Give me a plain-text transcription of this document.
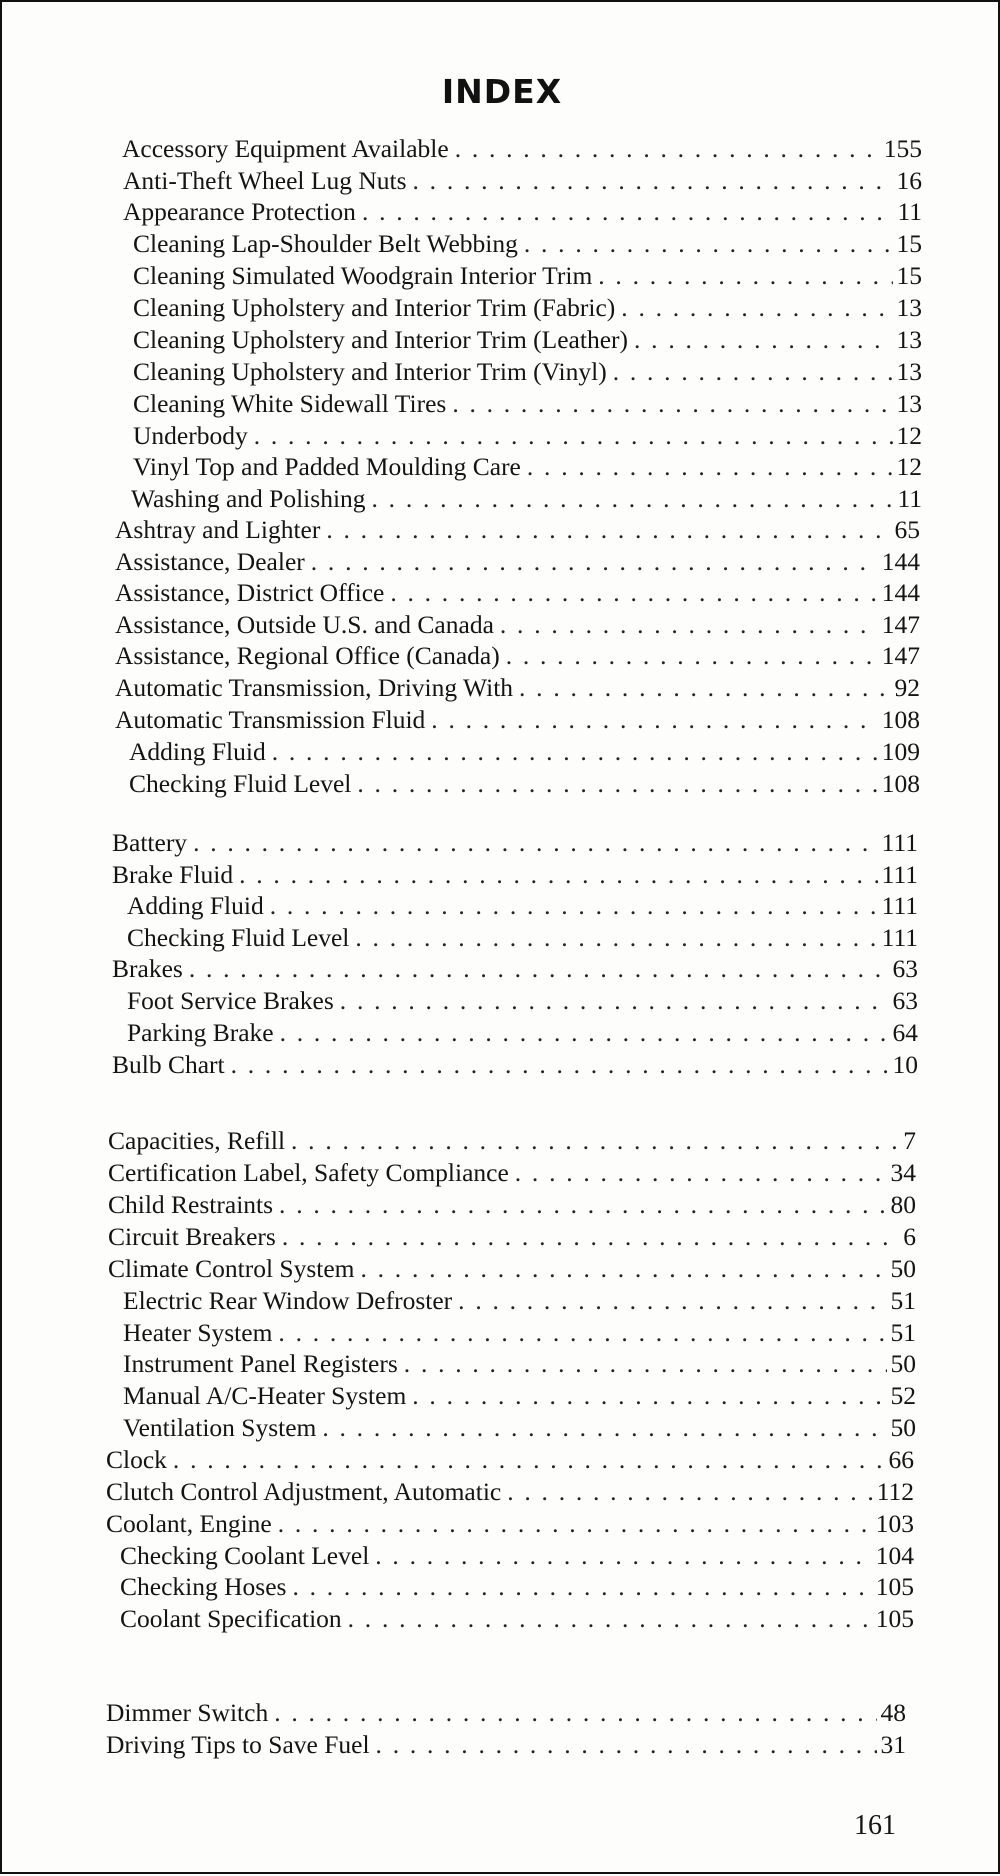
INDEX
Accessory Equipment Available . . .	155
Anti-Theft Wheel Lug Nuts . . .	16
Appearance Protection . . .	11
Cleaning Lap-Shoulder Belt Webbing . . .	15
Cleaning Simulated Woodgrain Interior Trim . . .	15
Cleaning Upholstery and Interior Trim (Fabric) . . .	13
Cleaning Upholstery and Interior Trim (Leather) . . .	13
Cleaning Upholstery and Interior Trim (Vinyl) . . .	13
Cleaning White Sidewall Tires . . .	13
Underbody . . .	12
Vinyl Top and Padded Moulding Care . . .	12
Washing and Polishing . . .	11
Ashtray and Lighter . . .	65
Assistance, Dealer . . .	144
Assistance, District Office . . .	144
Assistance, Outside U.S. and Canada . . .	147
Assistance, Regional Office (Canada) . . .	147
Automatic Transmission, Driving With . . .	92
Automatic Transmission Fluid . . .	108
Adding Fluid . . .	109
Checking Fluid Level . . .	108
Battery . . .	111
Brake Fluid . . .	111
Adding Fluid . . .	111
Checking Fluid Level . . .	111
Brakes . . .	63
Foot Service Brakes . . .	63
Parking Brake . . .	64
Bulb Chart . . .	10
Capacities, Refill . . .	7
Certification Label, Safety Compliance . . .	34
Child Restraints . . .	80
Circuit Breakers . . .	6
Climate Control System . . .	50
Electric Rear Window Defroster . . .	51
Heater System . . .	51
Instrument Panel Registers . . .	50
Manual A/C-Heater System . . .	52
Ventilation System . . .	50
Clock . . .	66
Clutch Control Adjustment, Automatic . . .	112
Coolant, Engine . . .	103
Checking Coolant Level . . .	104
Checking Hoses . . .	105
Coolant Specification . . .	105
Dimmer Switch . . .	48
Driving Tips to Save Fuel . . .	31
161
